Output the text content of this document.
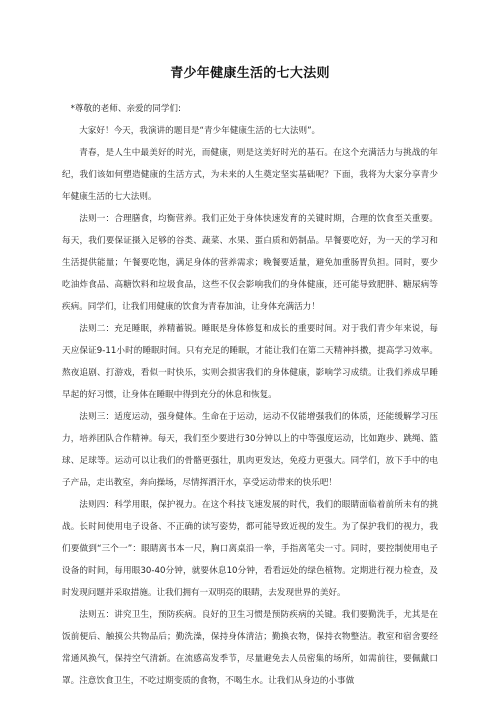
青少年健康生活的七大法则

*尊敬的老师、亲爱的同学们:

大家好！今天，我演讲的题目是“青少年健康生活的七大法则”。

青春，是人生中最美好的时光，而健康，则是这美好时光的基石。在这个充满活力与挑战的年纪，我们该如何塑造健康的生活方式，为未来的人生奠定坚实基础呢？下面，我将为大家分享青少年健康生活的七大法则。

法则一：合理膳食，均衡营养。我们正处于身体快速发育的关键时期，合理的饮食至关重要。每天，我们要保证摄入足够的谷类、蔬菜、水果、蛋白质和奶制品。早餐要吃好，为一天的学习和生活提供能量；午餐要吃饱，满足身体的营养需求；晚餐要适量，避免加重肠胃负担。同时，要少吃油炸食品、高糖饮料和垃圾食品，这些不仅会影响我们的身体健康，还可能导致肥胖、糖尿病等疾病。同学们，让我们用健康的饮食为青春加油，让身体充满活力！

法则二：充足睡眠，养精蓄锐。睡眠是身体修复和成长的重要时间。对于我们青少年来说，每天应保证9-11小时的睡眠时间。只有充足的睡眠，才能让我们在第二天精神抖擞，提高学习效率。熬夜追剧、打游戏，看似一时快乐，实则会损害我们的身体健康，影响学习成绩。让我们养成早睡早起的好习惯，让身体在睡眠中得到充分的休息和恢复。

法则三：适度运动，强身健体。生命在于运动，运动不仅能增强我们的体质，还能缓解学习压力，培养团队合作精神。每天，我们至少要进行30分钟以上的中等强度运动，比如跑步、跳绳、篮球、足球等。运动可以让我们的骨骼更强壮，肌肉更发达，免疫力更强大。同学们，放下手中的电子产品，走出教室，奔向操场，尽情挥洒汗水，享受运动带来的快乐吧！

法则四：科学用眼，保护视力。在这个科技飞速发展的时代，我们的眼睛面临着前所未有的挑战。长时间使用电子设备、不正确的读写姿势，都可能导致近视的发生。为了保护我们的视力，我们要做到“三个一”：眼睛离书本一尺，胸口离桌沿一拳，手指离笔尖一寸。同时，要控制使用电子设备的时间，每用眼30-40分钟，就要休息10分钟，看看远处的绿色植物。定期进行视力检查，及时发现问题并采取措施。让我们拥有一双明亮的眼睛，去发现世界的美好。

法则五：讲究卫生，预防疾病。良好的卫生习惯是预防疾病的关键。我们要勤洗手，尤其是在饭前便后、触摸公共物品后；勤洗澡，保持身体清洁；勤换衣物，保持衣物整洁。教室和宿舍要经常通风换气，保持空气清新。在流感高发季节，尽量避免去人员密集的场所，如需前往，要佩戴口罩。注意饮食卫生，不吃过期变质的食物，不喝生水。让我们从身边的小事做
